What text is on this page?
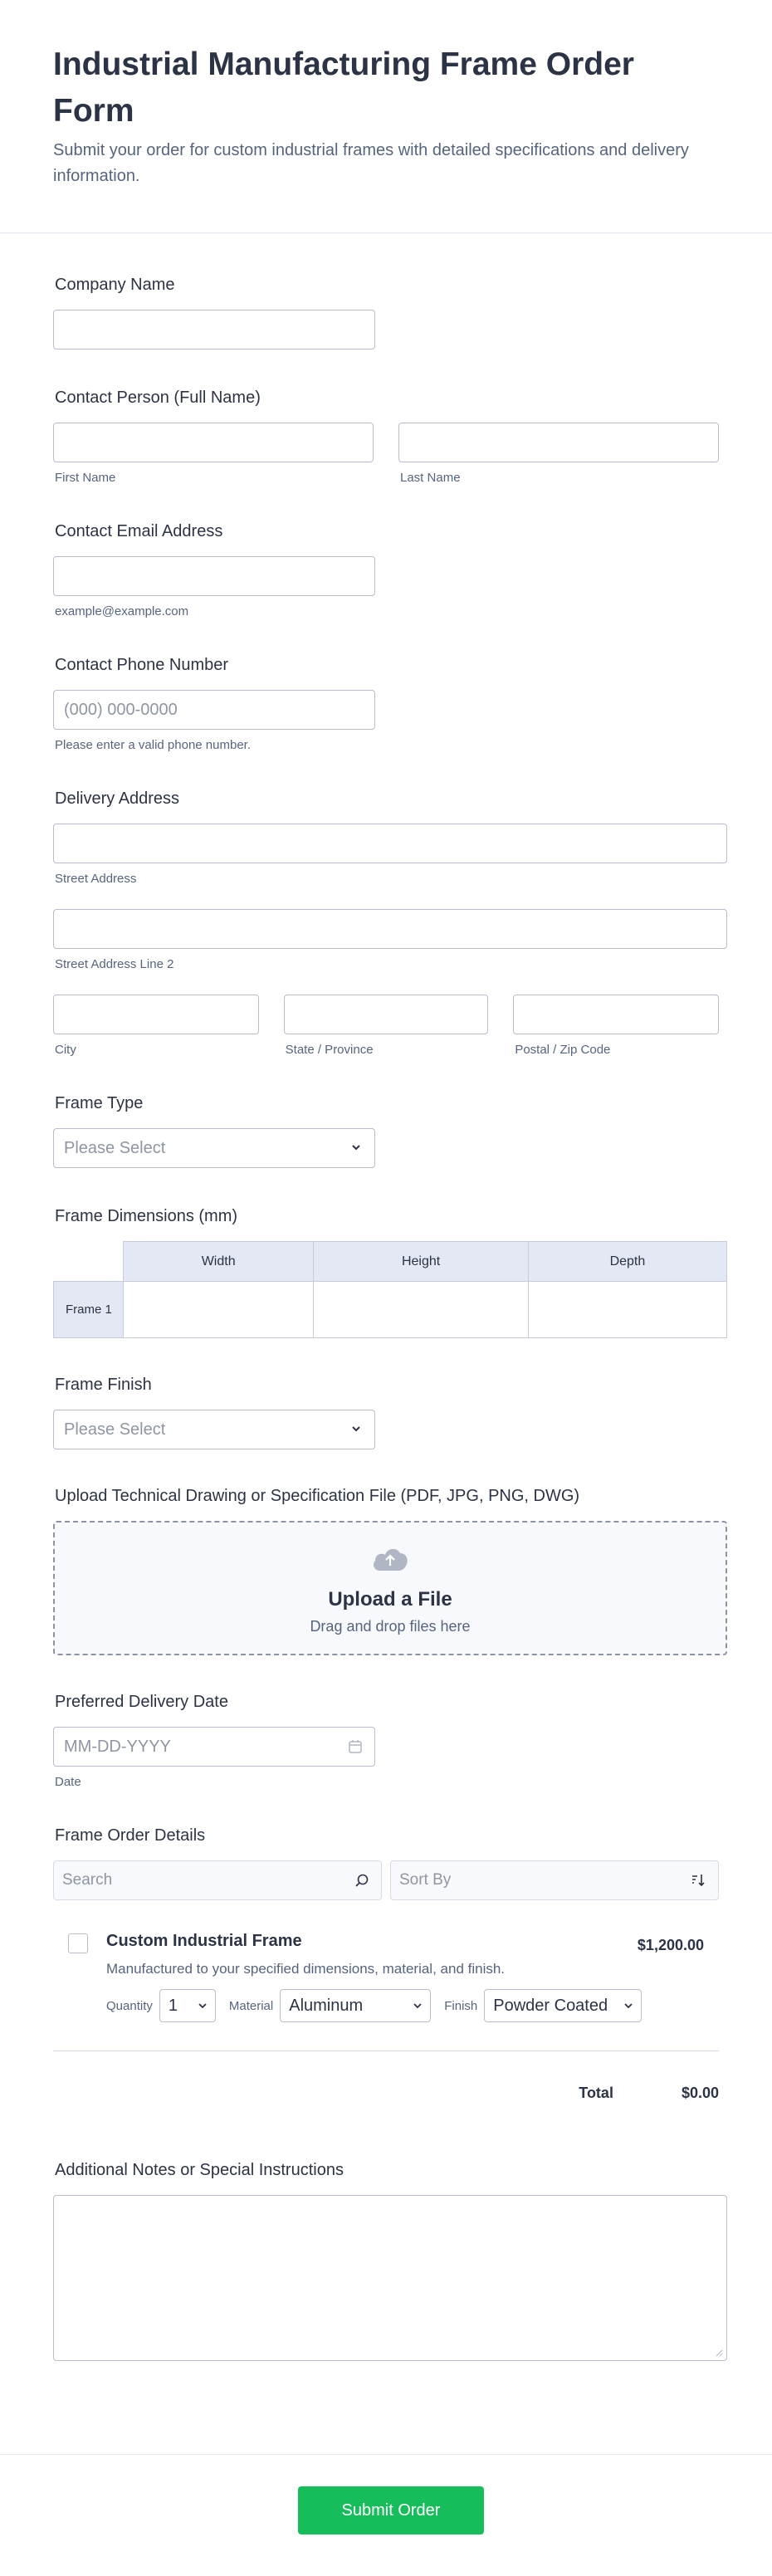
Industrial Manufacturing Frame Order Form

Submit your order for custom industrial frames with detailed specifications and delivery information.

Company Name
Contact Person (Full Name)
First Name	Last Name
Contact Email Address
example@example.com
Contact Phone Number
(000) 000-0000
Please enter a valid phone number.
Delivery Address
Street Address
Street Address Line 2
City	State / Province	Postal / Zip Code
Frame Type
Please Select
Frame Dimensions (mm)
	Width	Height	Depth
Frame 1			
Frame Finish
Please Select
Upload Technical Drawing or Specification File (PDF, JPG, PNG, DWG)
Upload a File
Drag and drop files here
Preferred Delivery Date
MM-DD-YYYY
Date
Frame Order Details
Search	Sort By
Custom Industrial Frame
Manufactured to your specified dimensions, material, and finish.
$1,200.00
Quantity 1	Material Aluminum	Finish Powder Coated
Total	$0.00
Additional Notes or Special Instructions
Submit Order
